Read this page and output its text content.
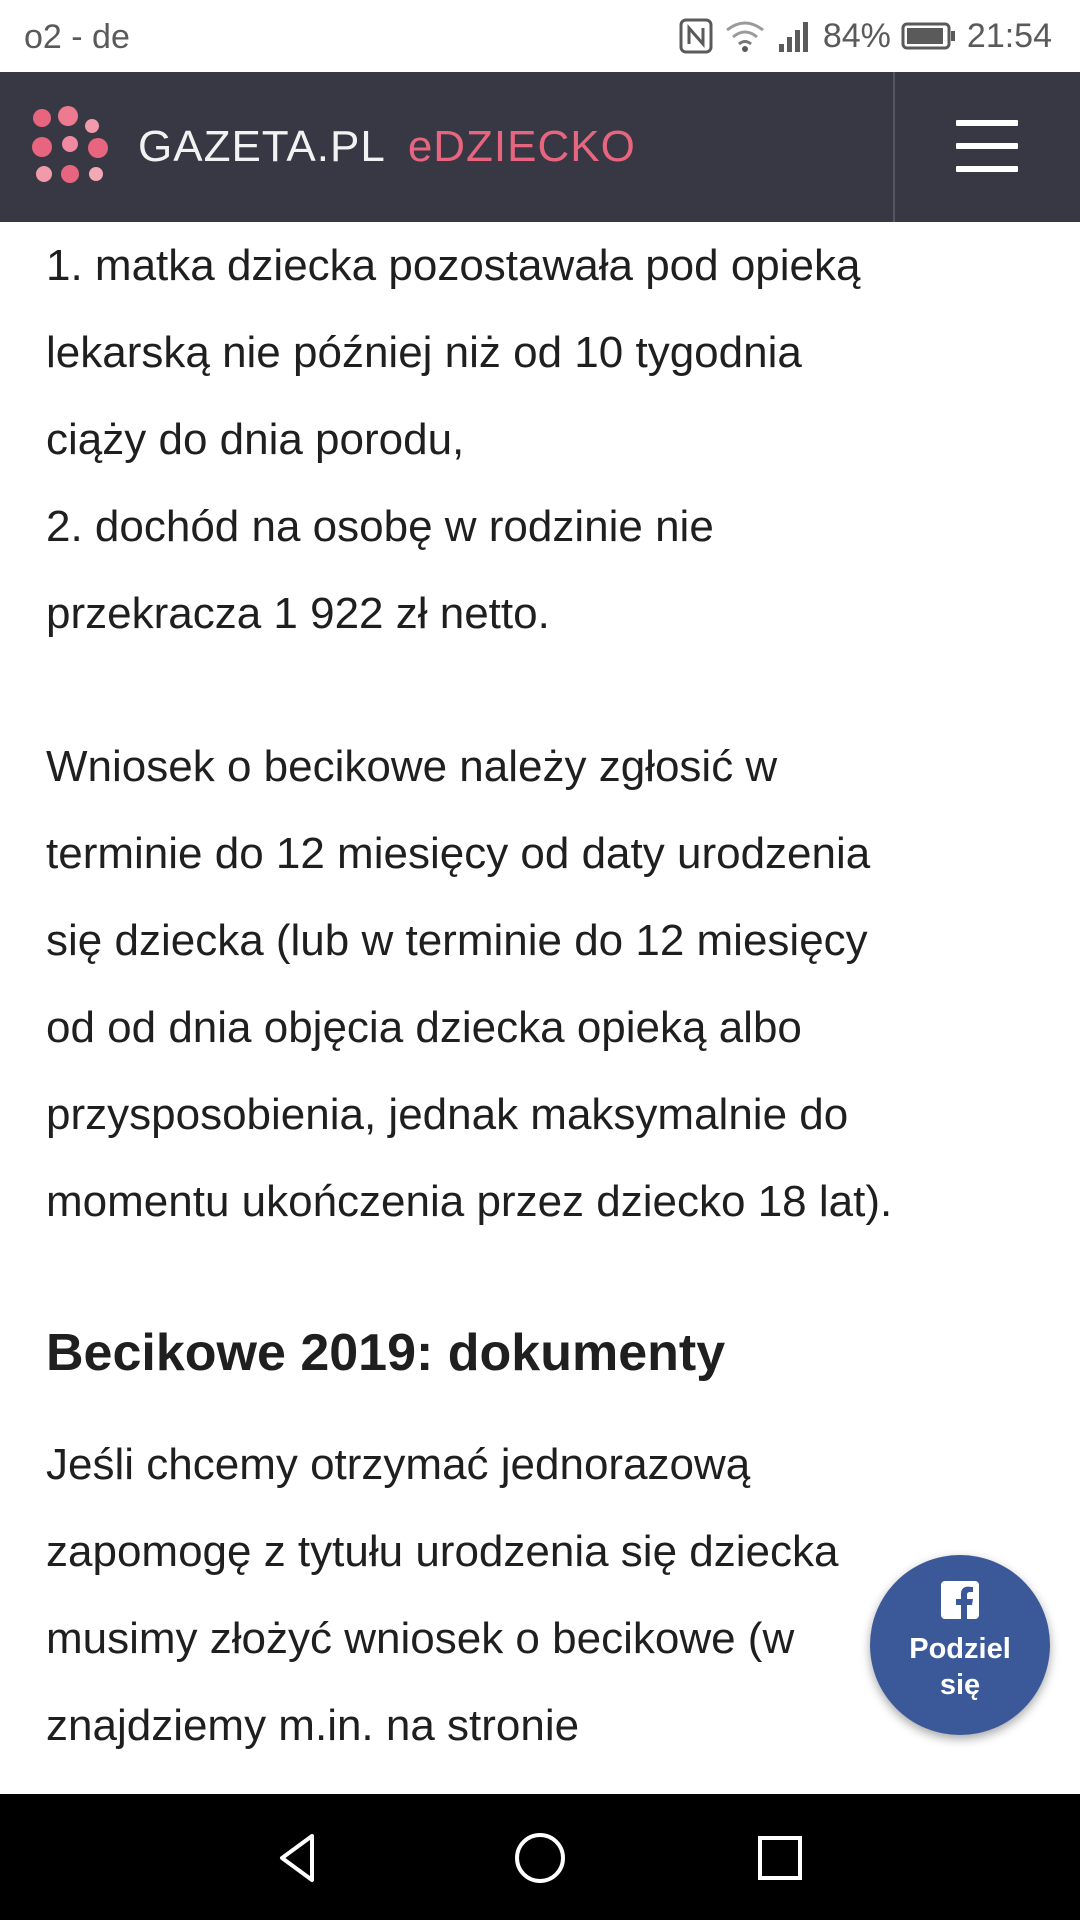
o2 - de	84% 21:54
GAZETA.PL eDZIECKO

1. matka dziecka pozostawała pod opieką
lekarską nie później niż od 10 tygodnia
ciąży do dnia porodu,
2. dochód na osobę w rodzinie nie
przekracza 1 922 zł netto.

Wniosek o becikowe należy zgłosić w
terminie do 12 miesięcy od daty urodzenia
się dziecka (lub w terminie do 12 miesięcy
od od dnia objęcia dziecka opieką albo
przysposobienia, jednak maksymalnie do
momentu ukończenia przez dziecko 18 lat).

Becikowe 2019: dokumenty

Jeśli chcemy otrzymać jednorazową
zapomogę z tytułu urodzenia się dziecka
musimy złożyć wniosek o becikowe (w
znajdziemy m.in. na stronie

Podziel
się
